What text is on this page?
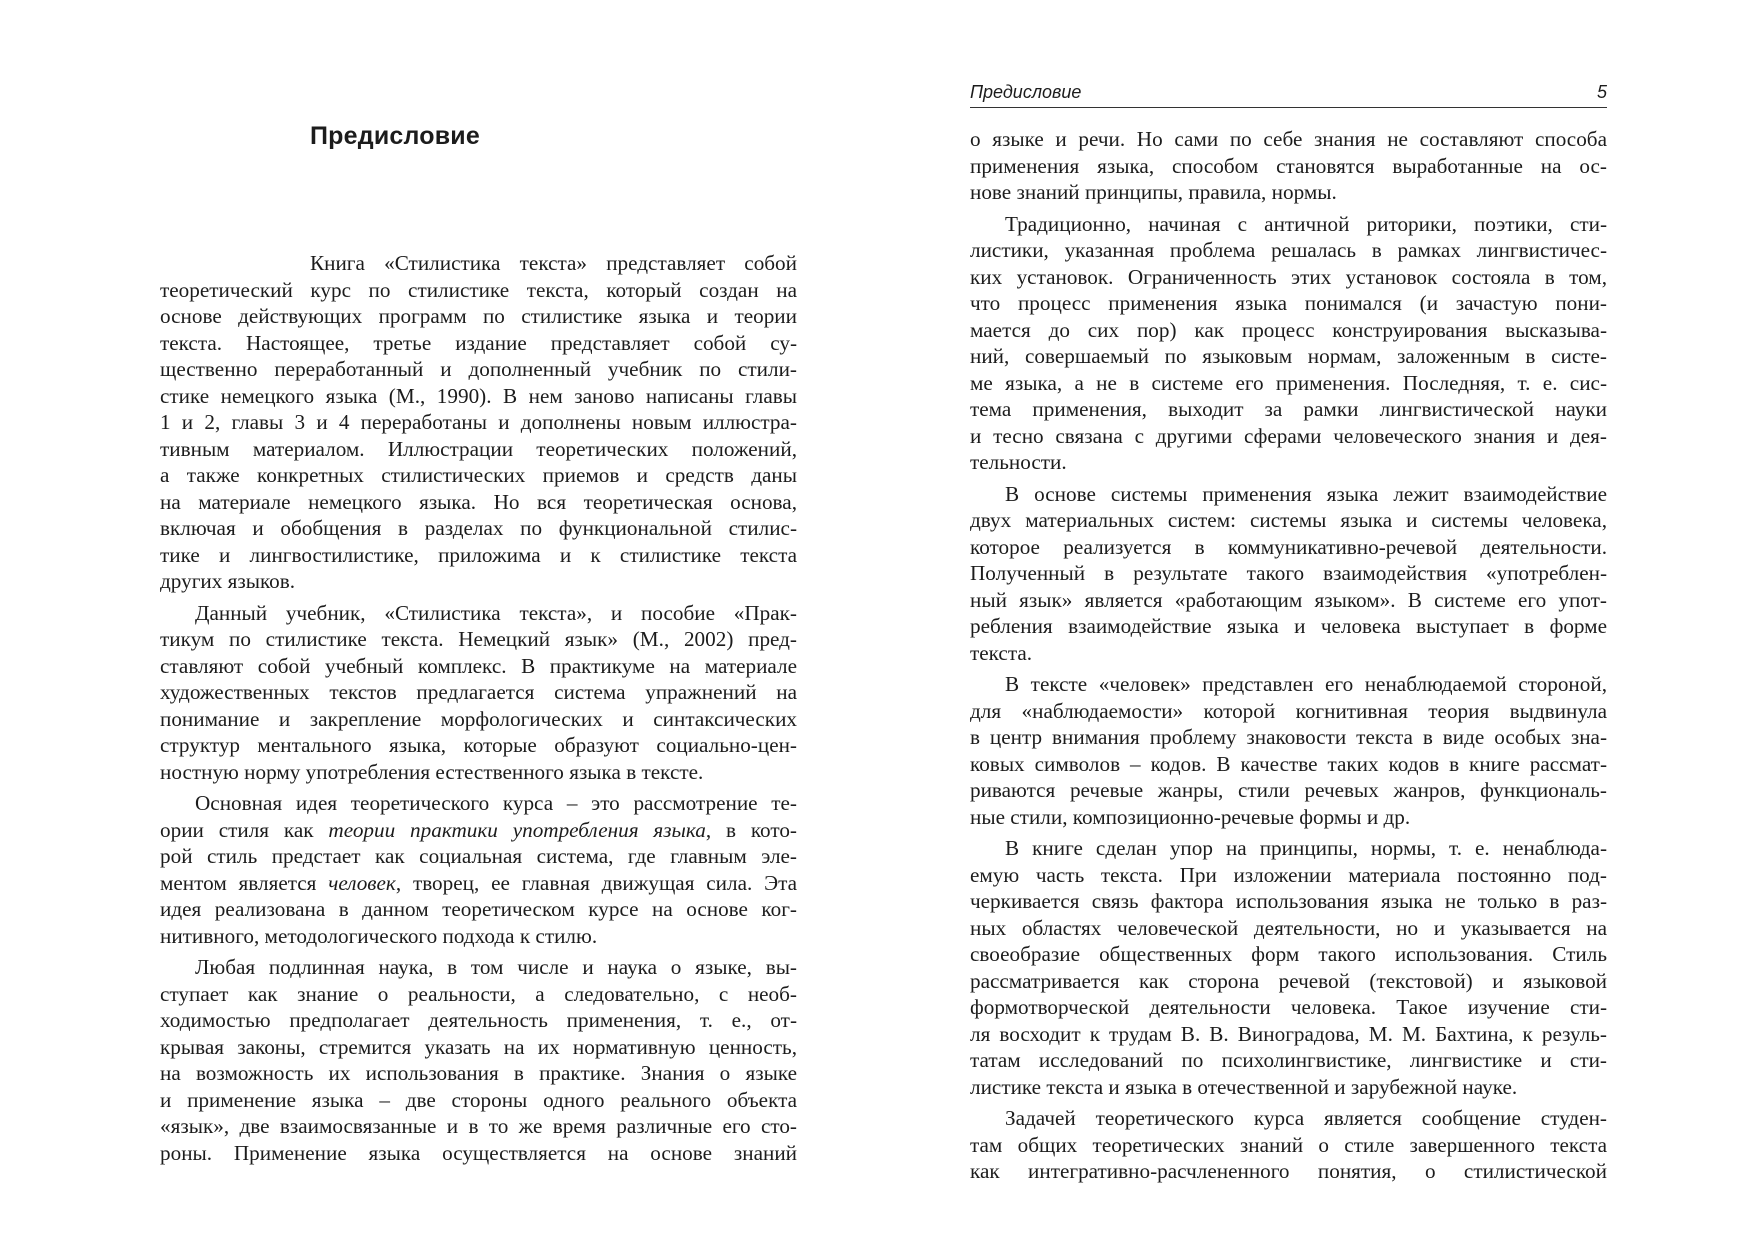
Предисловие
Книга «Стилистика текста» представляет собой
теоретический курс по стилистике текста, который создан на
основе действующих программ по стилистике языка и теории
текста. Настоящее, третье издание представляет собой су-
щественно переработанный и дополненный учебник по стили-
стике немецкого языка (М., 1990). В нем заново написаны главы
1 и 2, главы 3 и 4 переработаны и дополнены новым иллюстра-
тивным материалом. Иллюстрации теоретических положений,
а также конкретных стилистических приемов и средств даны
на материале немецкого языка. Но вся теоретическая основа,
включая и обобщения в разделах по функциональной стилис-
тике и лингвостилистике, приложима и к стилистике текста
других языков.
Данный учебник, «Стилистика текста», и пособие «Прак-
тикум по стилистике текста. Немецкий язык» (М., 2002) пред-
ставляют собой учебный комплекс. В практикуме на материале
художественных текстов предлагается система упражнений на
понимание и закрепление морфологических и синтаксических
структур ментального языка, которые образуют социально-цен-
ностную норму употребления естественного языка в тексте.
Основная идея теоретического курса – это рассмотрение те-
ории стиля как теории практики употребления языка, в кото-
рой стиль предстает как социальная система, где главным эле-
ментом является человек, творец, ее главная движущая сила. Эта
идея реализована в данном теоретическом курсе на основе ког-
нитивного, методологического подхода к стилю.
Любая подлинная наука, в том числе и наука о языке, вы-
ступает как знание о реальности, а следовательно, с необ-
ходимостью предполагает деятельность применения, т. е., от-
крывая законы, стремится указать на их нормативную ценность,
на возможность их использования в практике. Знания о языке
и применение языка – две стороны одного реального объекта
«язык», две взаимосвязанные и в то же время различные его сто-
роны. Применение языка осуществляется на основе знаний
Предисловие	5
о языке и речи. Но сами по себе знания не составляют способа
применения языка, способом становятся выработанные на ос-
нове знаний принципы, правила, нормы.
Традиционно, начиная с античной риторики, поэтики, сти-
листики, указанная проблема решалась в рамках лингвистичес-
ких установок. Ограниченность этих установок состояла в том,
что процесс применения языка понимался (и зачастую пони-
мается до сих пор) как процесс конструирования высказыва-
ний, совершаемый по языковым нормам, заложенным в систе-
ме языка, а не в системе его применения. Последняя, т. е. сис-
тема применения, выходит за рамки лингвистической науки
и тесно связана с другими сферами человеческого знания и дея-
тельности.
В основе системы применения языка лежит взаимодействие
двух материальных систем: системы языка и системы человека,
которое реализуется в коммуникативно-речевой деятельности.
Полученный в результате такого взаимодействия «употреблен-
ный язык» является «работающим языком». В системе его упот-
ребления взаимодействие языка и человека выступает в форме
текста.
В тексте «человек» представлен его ненаблюдаемой стороной,
для «наблюдаемости» которой когнитивная теория выдвинула
в центр внимания проблему знаковости текста в виде особых зна-
ковых символов – кодов. В качестве таких кодов в книге рассмат-
риваются речевые жанры, стили речевых жанров, функциональ-
ные стили, композиционно-речевые формы и др.
В книге сделан упор на принципы, нормы, т. е. ненаблюда-
емую часть текста. При изложении материала постоянно под-
черкивается связь фактора использования языка не только в раз-
ных областях человеческой деятельности, но и указывается на
своеобразие общественных форм такого использования. Стиль
рассматривается как сторона речевой (текстовой) и языковой
формотворческой деятельности человека. Такое изучение сти-
ля восходит к трудам В. В. Виноградова, М. М. Бахтина, к резуль-
татам исследований по психолингвистике, лингвистике и сти-
листике текста и языка в отечественной и зарубежной науке.
Задачей теоретического курса является сообщение студен-
там общих теоретических знаний о стиле завершенного текста
как интегративно-расчлененного понятия, о стилистической
